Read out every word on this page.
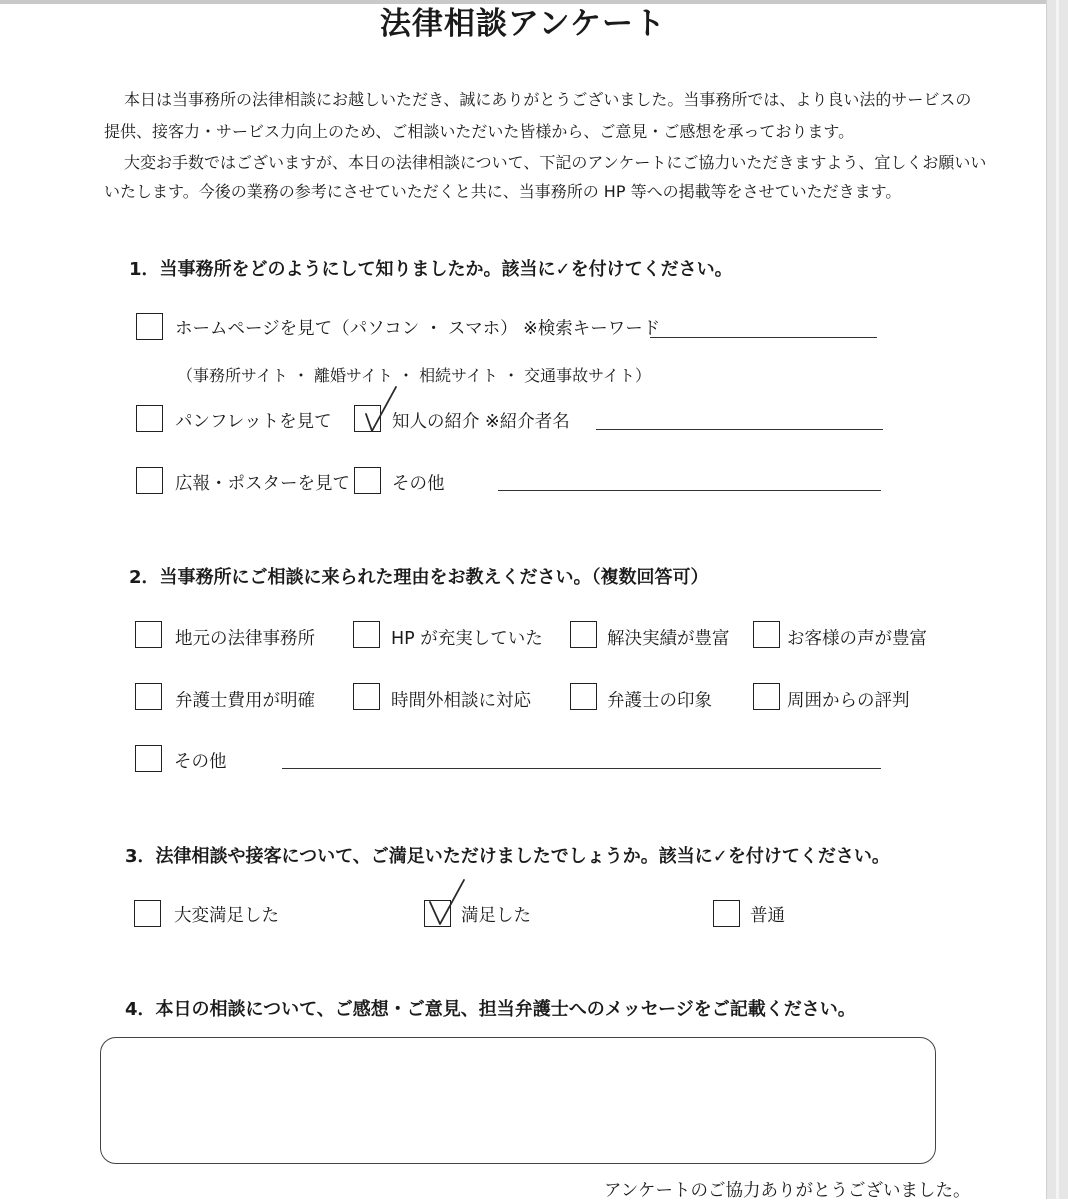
法律相談アンケート
本日は当事務所の法律相談にお越しいただき、誠にありがとうございました。当事務所では、より良い法的サービスの
提供、接客力・サービス力向上のため、ご相談いただいた皆様から、ご意見・ご感想を承っております。
大変お手数ではございますが、本日の法律相談について、下記のアンケートにご協力いただきますよう、宜しくお願いい
いたします。今後の業務の参考にさせていただくと共に、当事務所の HP 等への掲載等をさせていただきます。
1．当事務所をどのようにして知りましたか。該当に✓を付けてください。
ホームページを見て（パソコン ・ スマホ） ※検索キーワード
（事務所サイト ・ 離婚サイト ・ 相続サイト ・ 交通事故サイト）
パンフレットを見て	知人の紹介 ※紹介者名
広報・ポスターを見て その他
2．当事務所にご相談に来られた理由をお教えください。（複数回答可）
地元の法律事務所	HP が充実していた	解決実績が豊富	お客様の声が豊富
弁護士費用が明確	時間外相談に対応	弁護士の印象	周囲からの評判
その他
3．法律相談や接客について、ご満足いただけましたでしょうか。該当に✓を付けてください。
大変満足した	満足した	普通
4．本日の相談について、ご感想・ご意見、担当弁護士へのメッセージをご記載ください。
アンケートのご協力ありがとうございました。
